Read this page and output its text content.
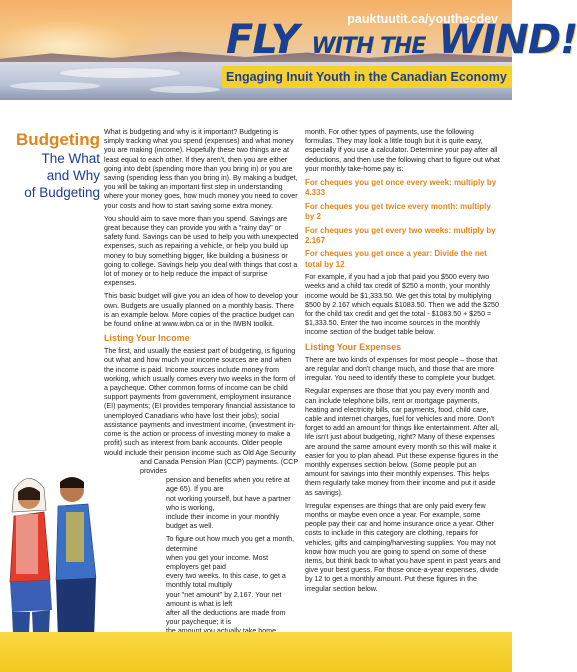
FLY WITH THE WIND!
Engaging Inuit Youth in the Canadian Economy
Budgeting
The What
and Why
of Budgeting

What is budgeting and why is it important? Budgeting is simply tracking what you spend (expenses) and what money you are making (income). Hopefully these two things are at least equal to each other. If they aren't, then you are either going into debt (spending more than you bring in) or you are saving (spending less than you bring in). By making a budget, you will be taking an important first step in understanding where your money goes, how much money you need to cover your costs and how to start saving some extra money.

You should aim to save more than you spend. Savings are great because they can provide you with a "rainy day" or safety fund. Savings can be used to help you with unexpected expenses, such as repairing a vehicle, or help you build up money to buy something bigger, like building a business or going to college. Savings help you deal with things that cost a lot of money or to help reduce the impact of surprise expenses.

This basic budget will give you an idea of how to develop your own. Budgets are usually planned on a monthly basis. There is an example below. More copies of the practice budget can be found online at www.iwbn.ca or in the IWBN toolkit.

Listing Your Income

The first, and usually the easiest part of budgeting, is figuring out what and how much your income sources are and when the income is paid. Income sources include money from working, which usually comes every two weeks in the form of a paycheque. Other common forms of income can be child support payments from government, employment insurance (EI) payments; (EI provides temporary financial assistance to unemployed Canadians who have lost their jobs); social assistance payments and investment income, (investment in-come is the action or process of investing money to make a profit) such as interest from bank accounts. Older people would include their pension income such as Old Age Security

and Canada Pension Plan (CCP) payments. (CCP provides
pension and benefits when you retire at age 65). If you are
not working yourself, but have a partner who is working,
include their income in your monthly budget as well.
To figure out how much you get a month, determine
when you get your income. Most employers get paid
every two weeks. In this case, to get a monthly total multiply
your "net amount" by 2.167. Your net amount is what is left
after all the deductions are made from your paycheque; it is

month. For other types of payments, use the following formulas. They may look a little tough but it is quite easy, especially if you use a calculator. Determine your pay after all deductions, and then use the following chart to figure out what your monthly take-home pay is:

For cheques you get once every week: multiply by 4.333
For cheques you get twice every month: multiply by 2
For cheques you get every two weeks: multiply by 2.167
For cheques you get once a year: Divide the net total by 12

For example, if you had a job that paid you $500 every two weeks and a child tax credit of $250 a month, your monthly income would be $1,333.50. We get this total by multiplying $500 by 2.167 which equals $1083.50. Then we add the $250 for the child tax credit and get the total - $1083.50 + $250 = $1,333.50. Enter the two income sources in the monthly income section of the budget table below.

Listing Your Expenses

There are two kinds of expenses for most people – those that are regular and don't change much, and those that are more irregular. You need to identify these to complete your budget.

Regular expenses are those that you pay every month and can include telephone bills, rent or mortgage payments, heating and electricity bills, car payments, food, child care, cable and internet charges, fuel for vehicles and more. Don't forget to add an amount for things like entertainment. After all, life isn't just about budgeting, right? Many of these expenses are around the same amount every month so this will make it easier for you to plan ahead. Put these expense figures in the monthly expenses section below. (Some people put an amount for savings into their monthly expenses. This helps them regularly take money from their income and put it aside as savings).

Irregular expenses are things that are only paid every few months or maybe even once a year. For example, some people pay their car and home insurance once a year. Other costs to include in this category are clothing, repairs for vehicles, gifts and camping/harvesting supplies. You may not know how much you are going to spend on some of these items, but think back to what you have spent in past years and give your best guess. For those once-a-year expenses, divide by 12 to get a monthly amount. Put these figures in the irregular section below.

pauktuutit.ca/youthecdev
